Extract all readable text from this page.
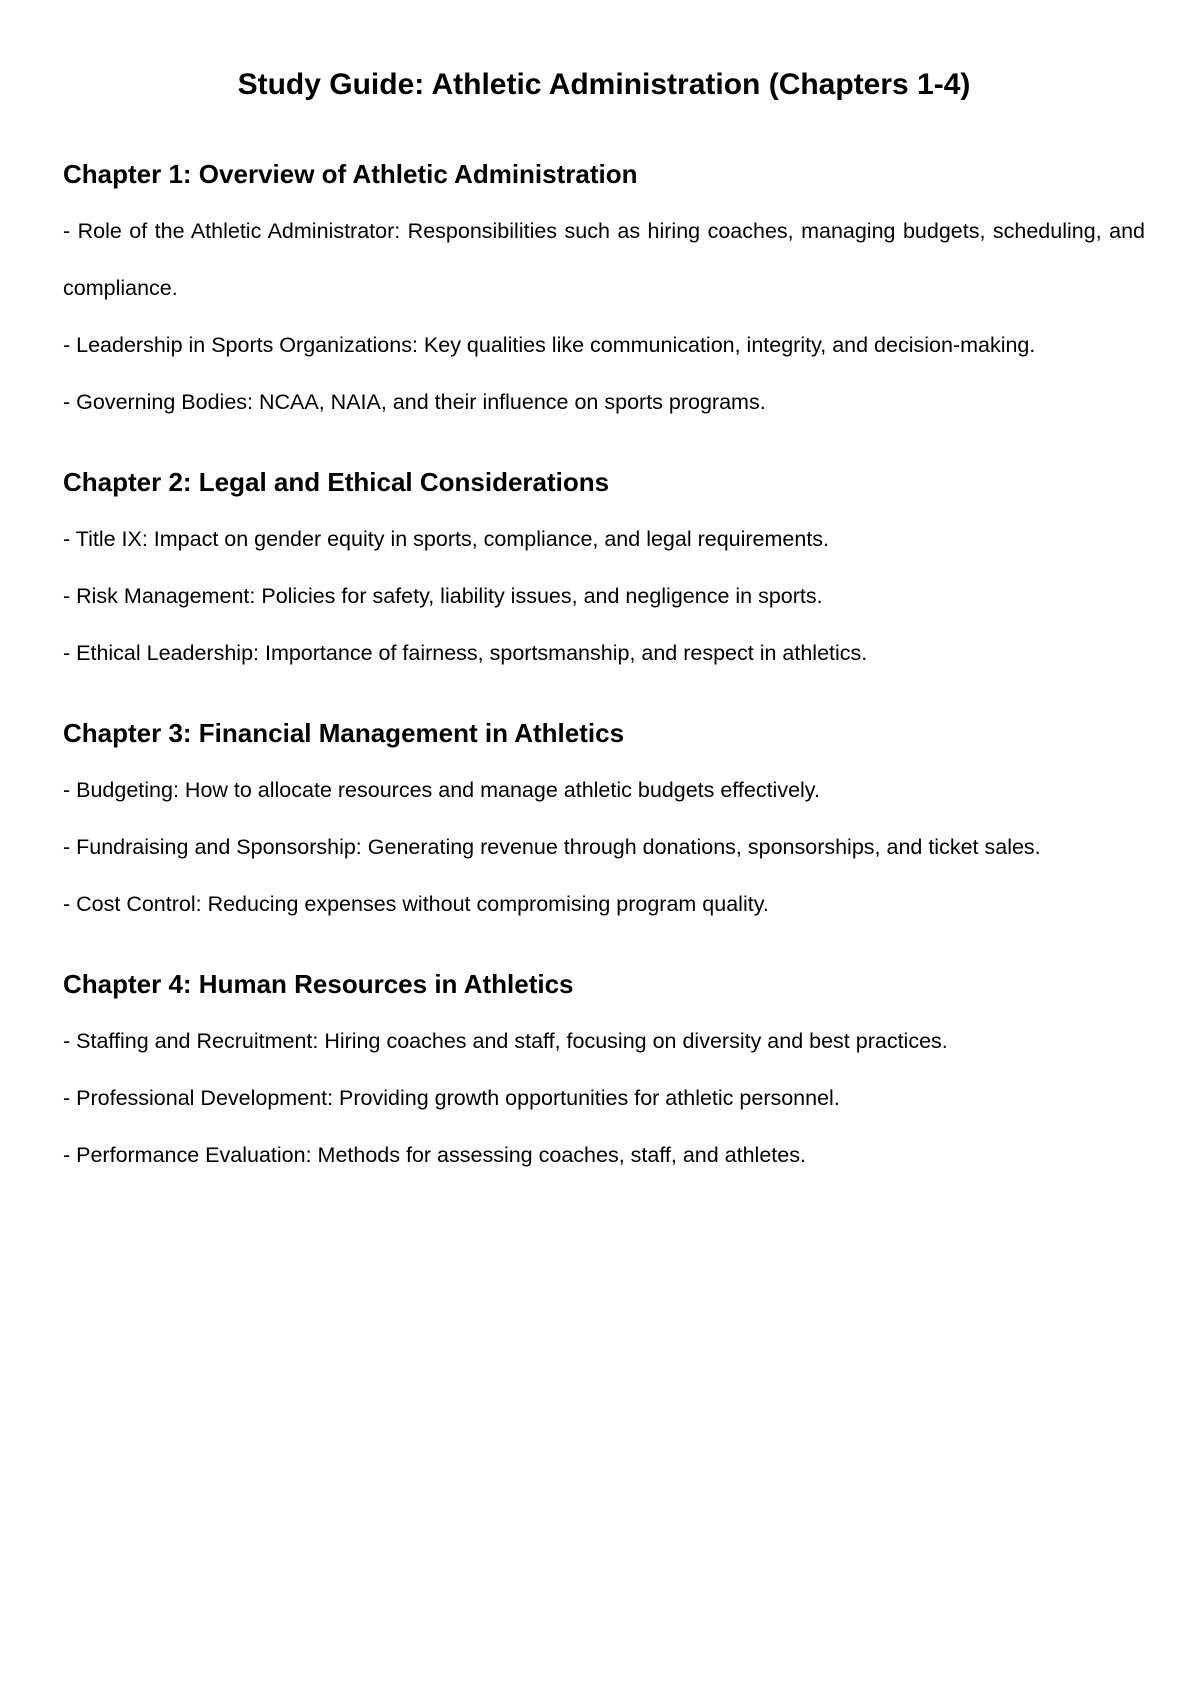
Study Guide: Athletic Administration (Chapters 1-4)
Chapter 1: Overview of Athletic Administration
- Role of the Athletic Administrator: Responsibilities such as hiring coaches, managing budgets, scheduling, and compliance.
- Leadership in Sports Organizations: Key qualities like communication, integrity, and decision-making.
- Governing Bodies: NCAA, NAIA, and their influence on sports programs.
Chapter 2: Legal and Ethical Considerations
- Title IX: Impact on gender equity in sports, compliance, and legal requirements.
- Risk Management: Policies for safety, liability issues, and negligence in sports.
- Ethical Leadership: Importance of fairness, sportsmanship, and respect in athletics.
Chapter 3: Financial Management in Athletics
- Budgeting: How to allocate resources and manage athletic budgets effectively.
- Fundraising and Sponsorship: Generating revenue through donations, sponsorships, and ticket sales.
- Cost Control: Reducing expenses without compromising program quality.
Chapter 4: Human Resources in Athletics
- Staffing and Recruitment: Hiring coaches and staff, focusing on diversity and best practices.
- Professional Development: Providing growth opportunities for athletic personnel.
- Performance Evaluation: Methods for assessing coaches, staff, and athletes.
